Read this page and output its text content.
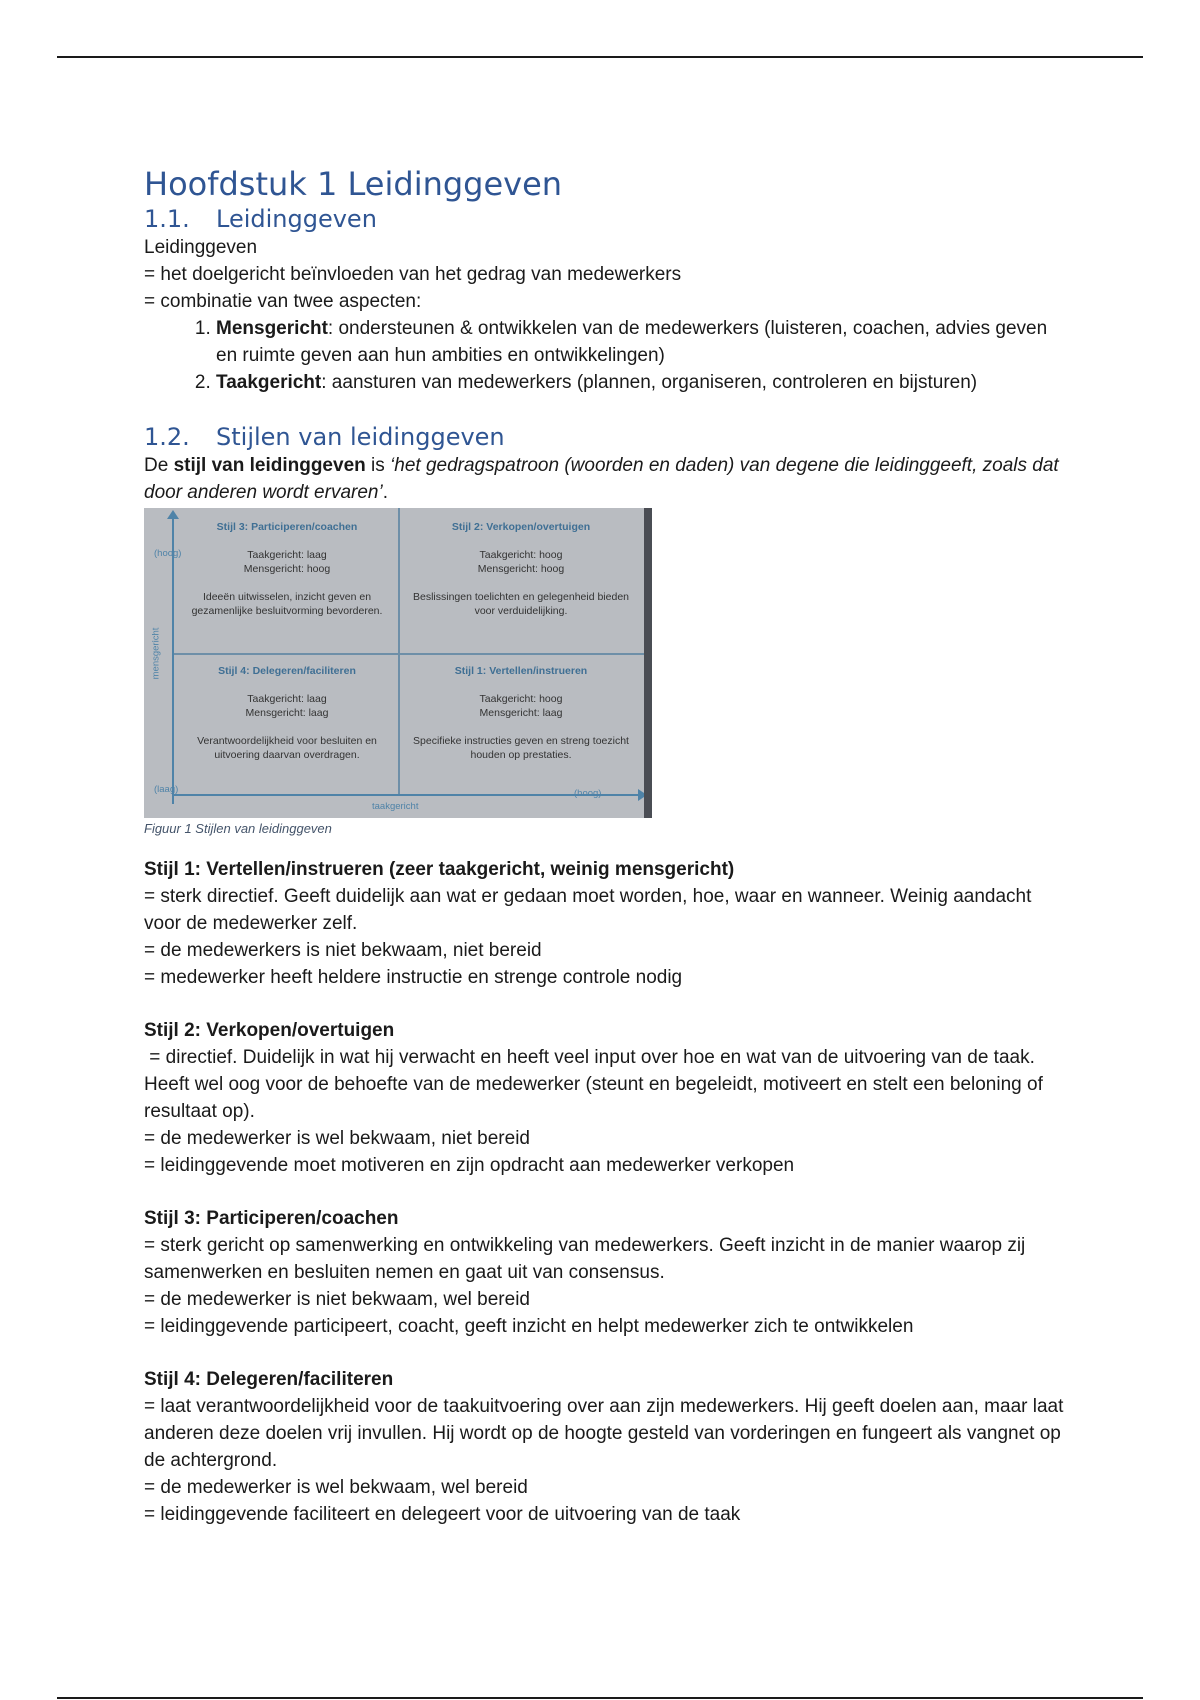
Hoofdstuk 1 Leidinggeven
1.1. Leidinggeven

Leidinggeven

= het doelgericht beïnvloeden van het gedrag van medewerkers

= combinatie van twee aspecten:

1. Mensgericht: ondersteunen & ontwikkelen van de medewerkers (luisteren, coachen, advies geven en ruimte geven aan hun ambities en ontwikkelingen)
2. Taakgericht: aansturen van medewerkers (plannen, organiseren, controleren en bijsturen)
1.2. Stijlen van leidinggeven

De stijl van leidinggeven is ‘het gedragspatroon (woorden en daden) van degene die leidinggeeft, zoals dat door anderen wordt ervaren’.

Stijl 3: Participeren/coachen
Taakgericht: laag
Mensgericht: hoog
Ideeën uitwisselen, inzicht geven en gezamenlijke besluitvorming bevorderen.
Stijl 2: Verkopen/overtuigen
Taakgericht: hoog
Mensgericht: hoog
Beslissingen toelichten en gelegenheid bieden voor verduidelijking.
Stijl 4: Delegeren/faciliteren
Taakgericht: laag
Mensgericht: laag
Verantwoordelijkheid voor besluiten en uitvoering daarvan overdragen.
Stijl 1: Vertellen/instrueren
Taakgericht: hoog
Mensgericht: laag
Specifieke instructies geven en streng toezicht houden op prestaties.
(hoog)
(laag)	(hoog)
taakgericht
mensgericht
Figuur 1 Stijlen van leidinggeven

Stijl 1: Vertellen/instrueren (zeer taakgericht, weinig mensgericht)

= sterk directief. Geeft duidelijk aan wat er gedaan moet worden, hoe, waar en wanneer. Weinig aandacht voor de medewerker zelf.

= de medewerkers is niet bekwaam, niet bereid

= medewerker heeft heldere instructie en strenge controle nodig

Stijl 2: Verkopen/overtuigen

= directief. Duidelijk in wat hij verwacht en heeft veel input over hoe en wat van de uitvoering van de taak. Heeft wel oog voor de behoefte van de medewerker (steunt en begeleidt, motiveert en stelt een beloning of resultaat op).

= de medewerker is wel bekwaam, niet bereid

= leidinggevende moet motiveren en zijn opdracht aan medewerker verkopen

Stijl 3: Participeren/coachen

= sterk gericht op samenwerking en ontwikkeling van medewerkers. Geeft inzicht in de manier waarop zij samenwerken en besluiten nemen en gaat uit van consensus.

= de medewerker is niet bekwaam, wel bereid

= leidinggevende participeert, coacht, geeft inzicht en helpt medewerker zich te ontwikkelen

Stijl 4: Delegeren/faciliteren

= laat verantwoordelijkheid voor de taakuitvoering over aan zijn medewerkers. Hij geeft doelen aan, maar laat anderen deze doelen vrij invullen. Hij wordt op de hoogte gesteld van vorderingen en fungeert als vangnet op de achtergrond.

= de medewerker is wel bekwaam, wel bereid

= leidinggevende faciliteert en delegeert voor de uitvoering van de taak
